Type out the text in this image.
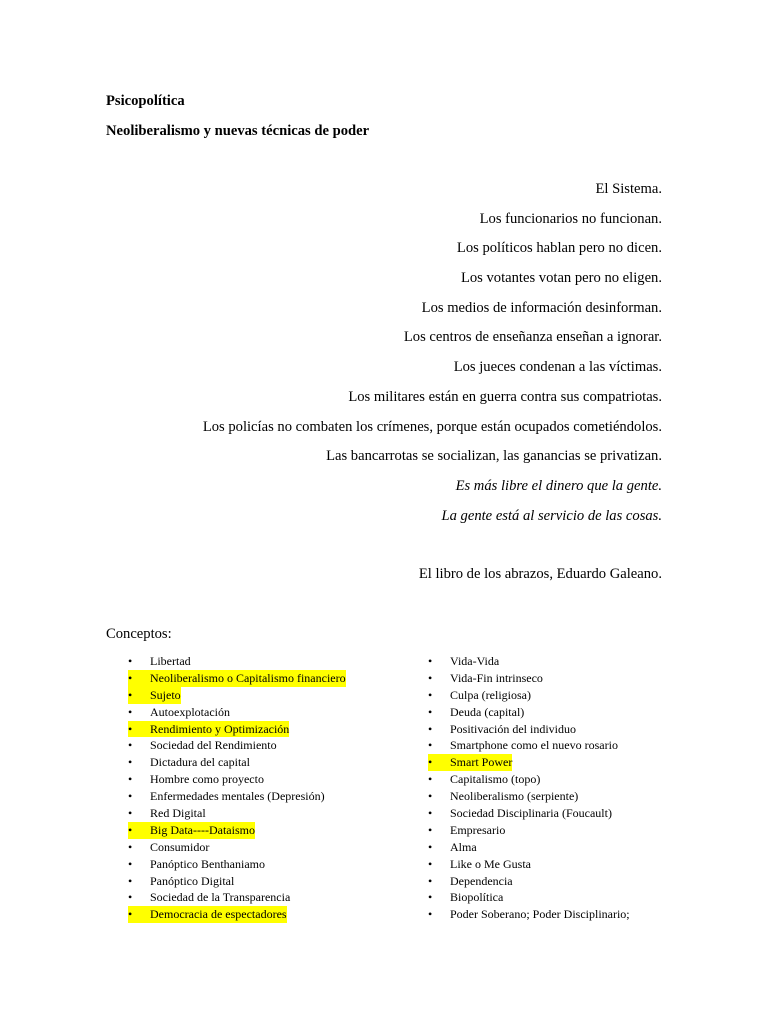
Psicopolítica
Neoliberalismo y nuevas técnicas de poder
El Sistema.
Los funcionarios no funcionan.
Los políticos hablan pero no dicen.
Los votantes votan pero no eligen.
Los medios de información desinforman.
Los centros de enseñanza enseñan a ignorar.
Los jueces condenan a las víctimas.
Los militares están en guerra contra sus compatriotas.
Los policías no combaten los crímenes, porque están ocupados cometiéndolos.
Las bancarrotas se socializan, las ganancias se privatizan.
Es más libre el dinero que la gente.
La gente está al servicio de las cosas.
El libro de los abrazos, Eduardo Galeano.
Conceptos:
• Libertad
• Neoliberalismo o Capitalismo financiero
• Sujeto
• Autoexplotación
• Rendimiento y Optimización
• Sociedad del Rendimiento
• Dictadura del capital
• Hombre como proyecto
• Enfermedades mentales (Depresión)
• Red Digital
• Big Data----Dataismo
• Consumidor
• Panóptico Benthaniamo
• Panóptico Digital
• Sociedad de la Transparencia
• Democracia de espectadores
• Vida-Vida
• Vida-Fin intrinseco
• Culpa (religiosa)
• Deuda (capital)
• Positivación del individuo
• Smartphone como el nuevo rosario
• Smart Power
• Capitalismo (topo)
• Neoliberalismo (serpiente)
• Sociedad Disciplinaria (Foucault)
• Empresario
• Alma
• Like o Me Gusta
• Dependencia
• Biopolítica
• Poder Soberano; Poder Disciplinario;
